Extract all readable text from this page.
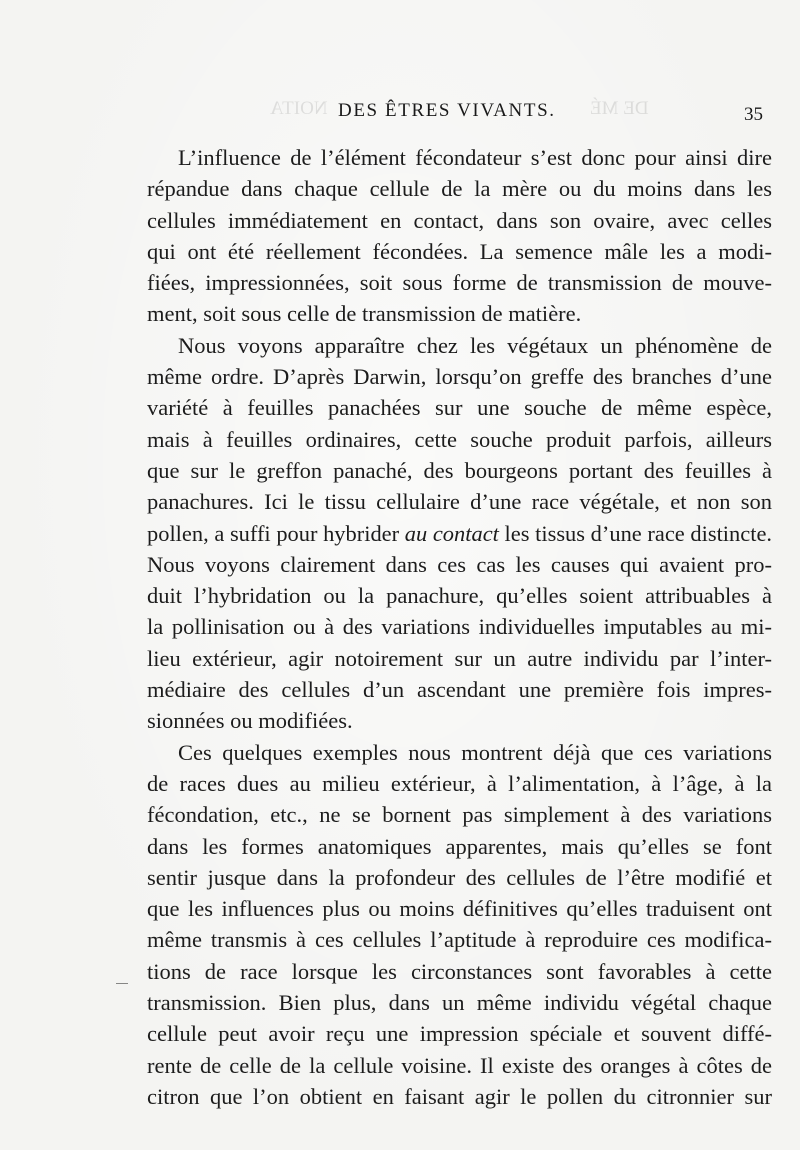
NOITA	DE MÉ
DES ÊTRES VIVANTS.	35
L’influence de l’élément fécondateur s’est donc pour ainsi dire
répandue dans chaque cellule de la mère ou du moins dans les
cellules immédiatement en contact, dans son ovaire, avec celles
qui ont été réellement fécondées. La semence mâle les a modi-
fiées, impressionnées, soit sous forme de transmission de mouve-
ment, soit sous celle de transmission de matière.
Nous voyons apparaître chez les végétaux un phénomène de
même ordre. D’après Darwin, lorsqu’on greffe des branches d’une
variété à feuilles panachées sur une souche de même espèce,
mais à feuilles ordinaires, cette souche produit parfois, ailleurs
que sur le greffon panaché, des bourgeons portant des feuilles à
panachures. Ici le tissu cellulaire d’une race végétale, et non son
pollen, a suffi pour hybrider au contact les tissus d’une race distincte.
Nous voyons clairement dans ces cas les causes qui avaient pro-
duit l’hybridation ou la panachure, qu’elles soient attribuables à
la pollinisation ou à des variations individuelles imputables au mi-
lieu extérieur, agir notoirement sur un autre individu par l’inter-
médiaire des cellules d’un ascendant une première fois impres-
sionnées ou modifiées.
Ces quelques exemples nous montrent déjà que ces variations
de races dues au milieu extérieur, à l’alimentation, à l’âge, à la
fécondation, etc., ne se bornent pas simplement à des variations
dans les formes anatomiques apparentes, mais qu’elles se font
sentir jusque dans la profondeur des cellules de l’être modifié et
que les influences plus ou moins définitives qu’elles traduisent ont
même transmis à ces cellules l’aptitude à reproduire ces modifica-
tions de race lorsque les circonstances sont favorables à cette
transmission. Bien plus, dans un même individu végétal chaque
cellule peut avoir reçu une impression spéciale et souvent diffé-
rente de celle de la cellule voisine. Il existe des oranges à côtes de
citron que l’on obtient en faisant agir le pollen du citronnier sur
